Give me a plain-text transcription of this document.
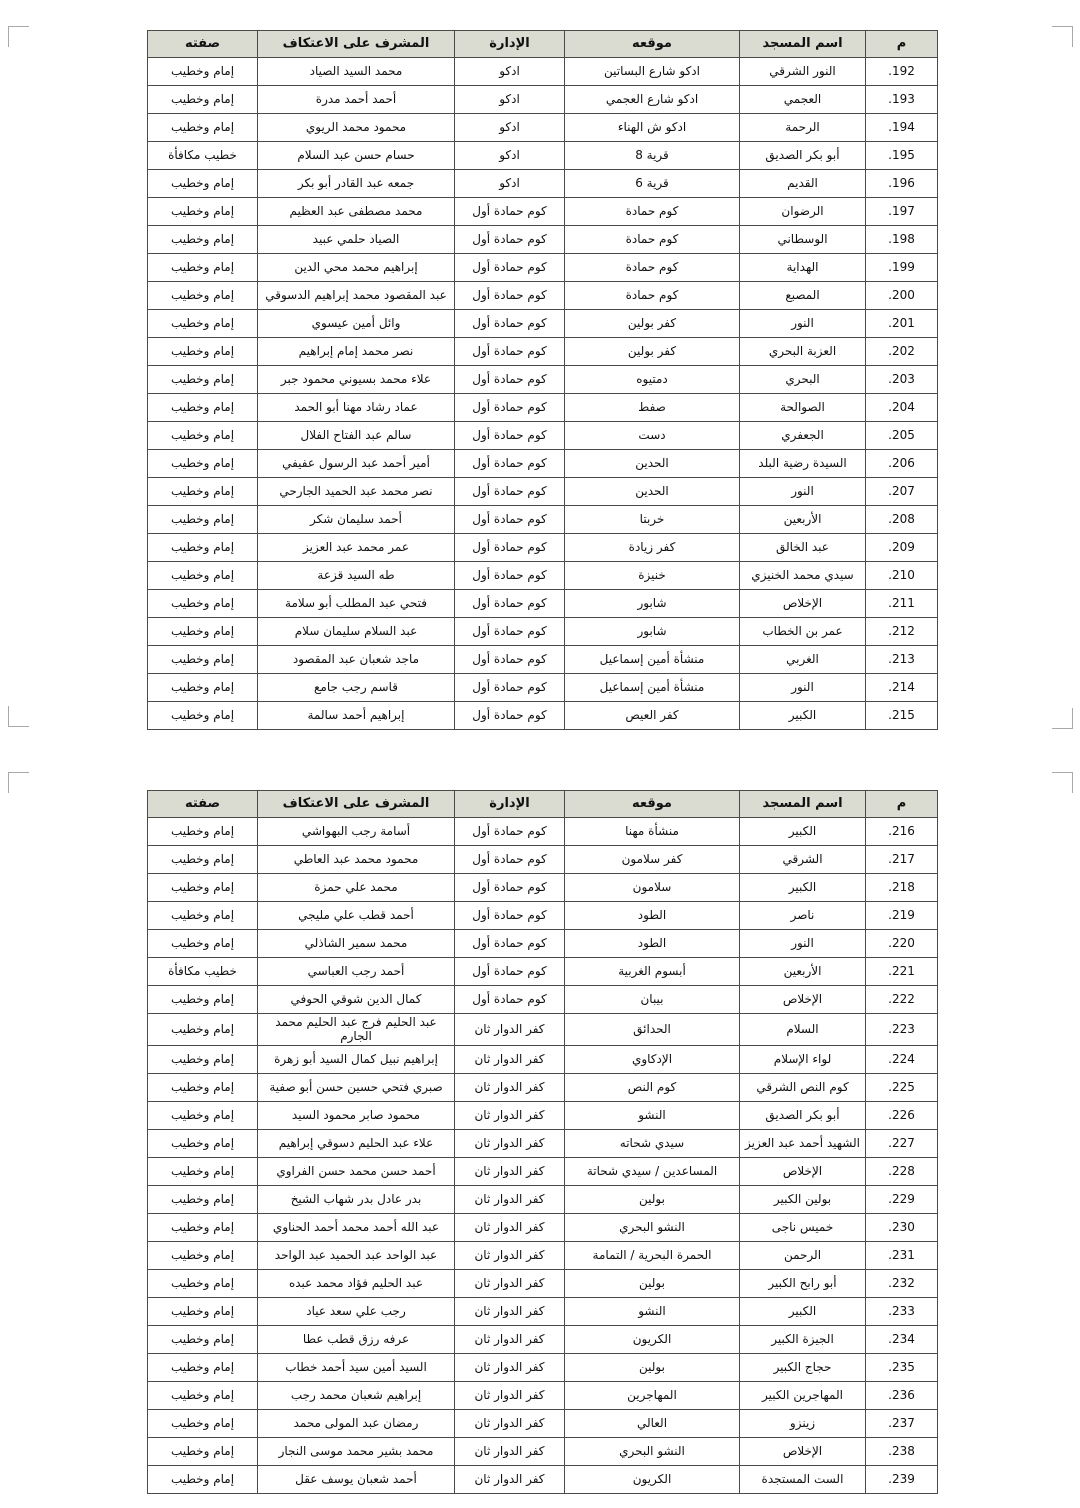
م	اسم المسجد	موقعه	الإدارة	المشرف على الاعتكاف	صفته
192.	النور الشرقي	ادكو شارع البساتين	ادكو	محمد السيد الصياد	إمام وخطيب
193.	العجمي	ادكو شارع العجمي	ادكو	أحمد أحمد مدرة	إمام وخطيب
194.	الرحمة	ادكو ش الهناء	ادكو	محمود محمد الريوي	إمام وخطيب
195.	أبو بكر الصديق	قرية 8	ادكو	حسام حسن عبد السلام	خطيب مكافأة
196.	القديم	قرية 6	ادكو	جمعه عبد القادر أبو بكر	إمام وخطيب
197.	الرضوان	كوم حمادة	كوم حمادة أول	محمد مصطفى عبد العظيم	إمام وخطيب
198.	الوسطاني	كوم حمادة	كوم حمادة أول	الصياد حلمي عبيد	إمام وخطيب
199.	الهداية	كوم حمادة	كوم حمادة أول	إبراهيم محمد محي الدين	إمام وخطيب
200.	المصبع	كوم حمادة	كوم حمادة أول	عبد المقصود محمد إبراهيم الدسوقي	إمام وخطيب
201.	النور	كفر بولين	كوم حمادة أول	وائل أمين عيسوي	إمام وخطيب
202.	العزبة البحري	كفر بولين	كوم حمادة أول	نصر محمد إمام إبراهيم	إمام وخطيب
203.	البحري	دمتيوه	كوم حمادة أول	علاء محمد بسيوني محمود جبر	إمام وخطيب
204.	الصوالحة	صفط	كوم حمادة أول	عماد رشاد مهنا أبو الحمد	إمام وخطيب
205.	الجعفري	دست	كوم حمادة أول	سالم عبد الفتاح الفلال	إمام وخطيب
206.	السيدة رضية البلد	الحدين	كوم حمادة أول	أمير أحمد عبد الرسول عفيفي	إمام وخطيب
207.	النور	الحدين	كوم حمادة أول	نصر محمد عبد الحميد الجارحي	إمام وخطيب
208.	الأربعين	خربتا	كوم حمادة أول	أحمد سليمان شكر	إمام وخطيب
209.	عبد الخالق	كفر زيادة	كوم حمادة أول	عمر محمد عبد العزيز	إمام وخطيب
210.	سيدي محمد الخنيزي	خنيزة	كوم حمادة أول	طه السيد قزعة	إمام وخطيب
211.	الإخلاص	شابور	كوم حمادة أول	فتحي عبد المطلب أبو سلامة	إمام وخطيب
212.	عمر بن الخطاب	شابور	كوم حمادة أول	عبد السلام سليمان سلام	إمام وخطيب
213.	الغربي	منشأة أمين إسماعيل	كوم حمادة أول	ماجد شعبان عبد المقصود	إمام وخطيب
214.	النور	منشأة أمين إسماعيل	كوم حمادة أول	قاسم رجب جامع	إمام وخطيب
215.	الكبير	كفر العيص	كوم حمادة أول	إبراهيم أحمد سالمة	إمام وخطيب
م	اسم المسجد	موقعه	الإدارة	المشرف على الاعتكاف	صفته
216.	الكبير	منشأة مهنا	كوم حمادة أول	أسامة رجب البهواشي	إمام وخطيب
217.	الشرقي	كفر سلامون	كوم حمادة أول	محمود محمد عبد العاطي	إمام وخطيب
218.	الكبير	سلامون	كوم حمادة أول	محمد علي حمزة	إمام وخطيب
219.	ناصر	الطود	كوم حمادة أول	أحمد قطب علي مليجي	إمام وخطيب
220.	النور	الطود	كوم حمادة أول	محمد سمير الشاذلي	إمام وخطيب
221.	الأربعين	أبسوم الغربية	كوم حمادة أول	أحمد رجب العباسي	خطيب مكافأة
222.	الإخلاص	بيبان	كوم حمادة أول	كمال الدين شوقي الحوفي	إمام وخطيب
223.	السلام	الحدائق	كفر الدوار ثان	عبد الحليم فرج عبد الحليم محمد الجارم	إمام وخطيب
224.	لواء الإسلام	الإدكاوي	كفر الدوار ثان	إبراهيم نبيل كمال السيد أبو زهرة	إمام وخطيب
225.	كوم النص الشرقي	كوم النص	كفر الدوار ثان	صبري فتحي حسين حسن أبو صفية	إمام وخطيب
226.	أبو بكر الصديق	النشو	كفر الدوار ثان	محمود صابر محمود السيد	إمام وخطيب
227.	الشهيد أحمد عبد العزيز	سيدي شحاته	كفر الدوار ثان	علاء عبد الحليم دسوقي إبراهيم	إمام وخطيب
228.	الإخلاص	المساعدين / سيدي شحاتة	كفر الدوار ثان	أحمد حسن محمد حسن الفراوي	إمام وخطيب
229.	بولين الكبير	بولين	كفر الدوار ثان	بدر عادل بدر شهاب الشيخ	إمام وخطيب
230.	خميس ناجى	النشو البحري	كفر الدوار ثان	عبد الله أحمد محمد أحمد الحناوي	إمام وخطيب
231.	الرحمن	الحمرة البحرية / التمامة	كفر الدوار ثان	عبد الواحد عبد الحميد عبد الواحد	إمام وخطيب
232.	أبو رابح الكبير	بولين	كفر الدوار ثان	عبد الحليم فؤاد محمد عبده	إمام وخطيب
233.	الكبير	النشو	كفر الدوار ثان	رجب علي سعد عياد	إمام وخطيب
234.	الجيزة الكبير	الكريون	كفر الدوار ثان	عرفه رزق قطب عطا	إمام وخطيب
235.	حجاج الكبير	بولين	كفر الدوار ثان	السيد أمين سيد أحمد خطاب	إمام وخطيب
236.	المهاجرين الكبير	المهاجرين	كفر الدوار ثان	إبراهيم شعبان محمد رجب	إمام وخطيب
237.	زينزو	العالي	كفر الدوار ثان	رمضان عبد المولى محمد	إمام وخطيب
238.	الإخلاص	النشو البحري	كفر الدوار ثان	محمد بشير محمد موسى النجار	إمام وخطيب
239.	الست المستجدة	الكريون	كفر الدوار ثان	أحمد شعبان يوسف عقل	إمام وخطيب
